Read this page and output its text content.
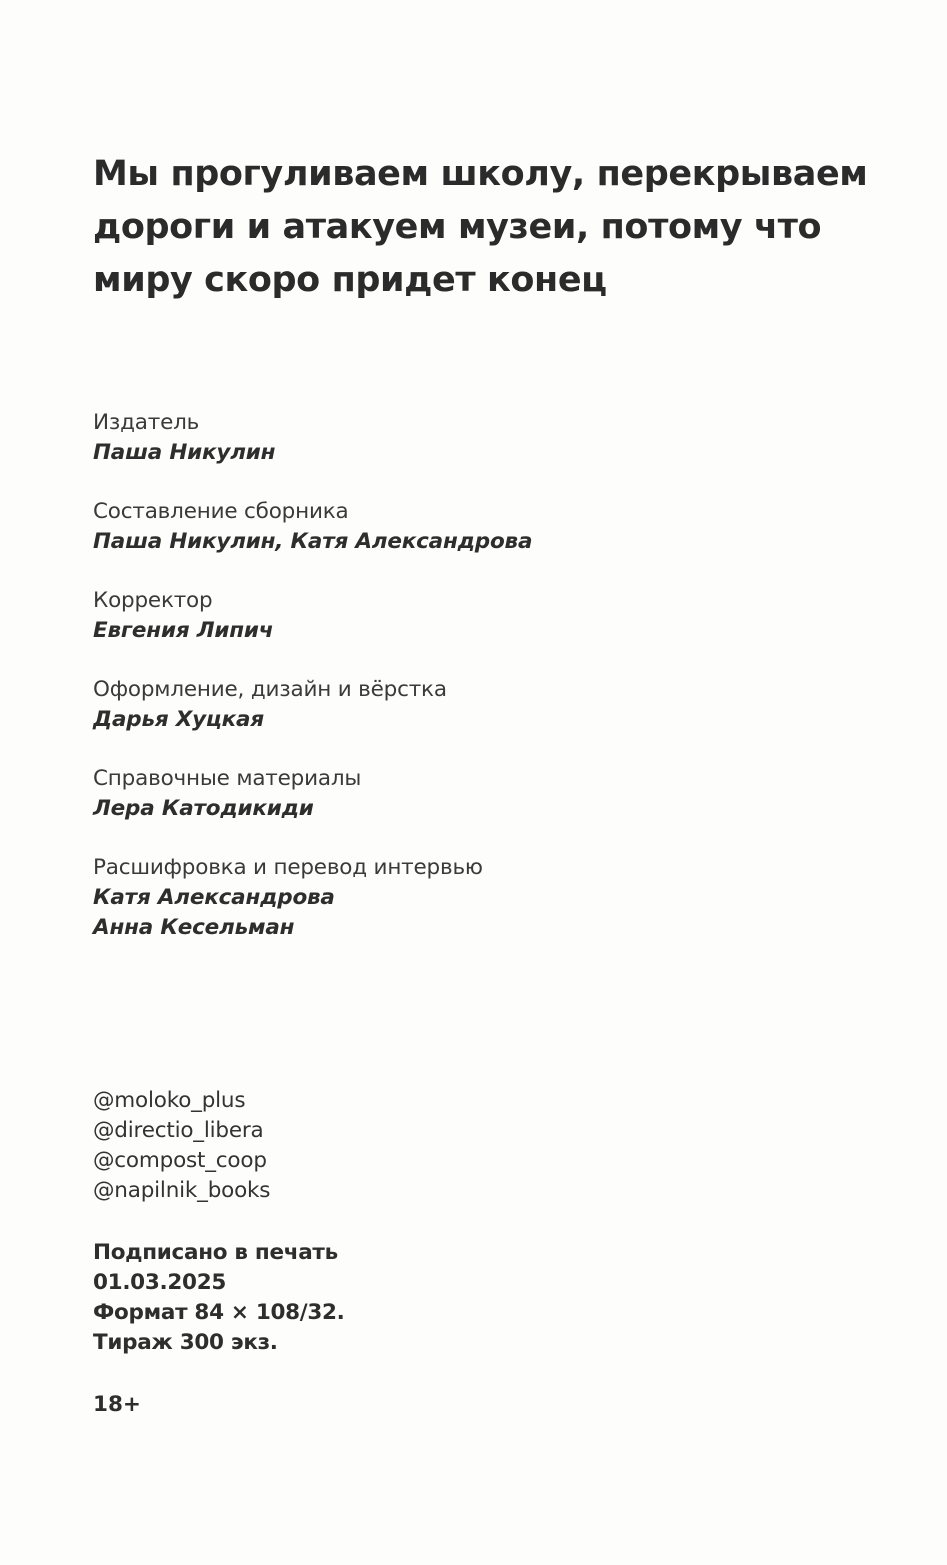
Мы прогуливаем школу, перекрываем дороги и атакуем музеи, потому что миру скоро придет конец
Издатель
Паша Никулин
Составление сборника
Паша Никулин, Катя Александрова
Корректор
Евгения Липич
Оформление, дизайн и вёрстка
Дарья Хуцкая
Справочные материалы
Лера Катодикиди
Расшифровка и перевод интервью
Катя Александрова
Анна Кесельман
@moloko_plus
@directio_libera
@compost_coop
@napilnik_books
Подписано в печать
01.03.2025
Формат 84 × 108/32.
Тираж 300 экз.
18+
